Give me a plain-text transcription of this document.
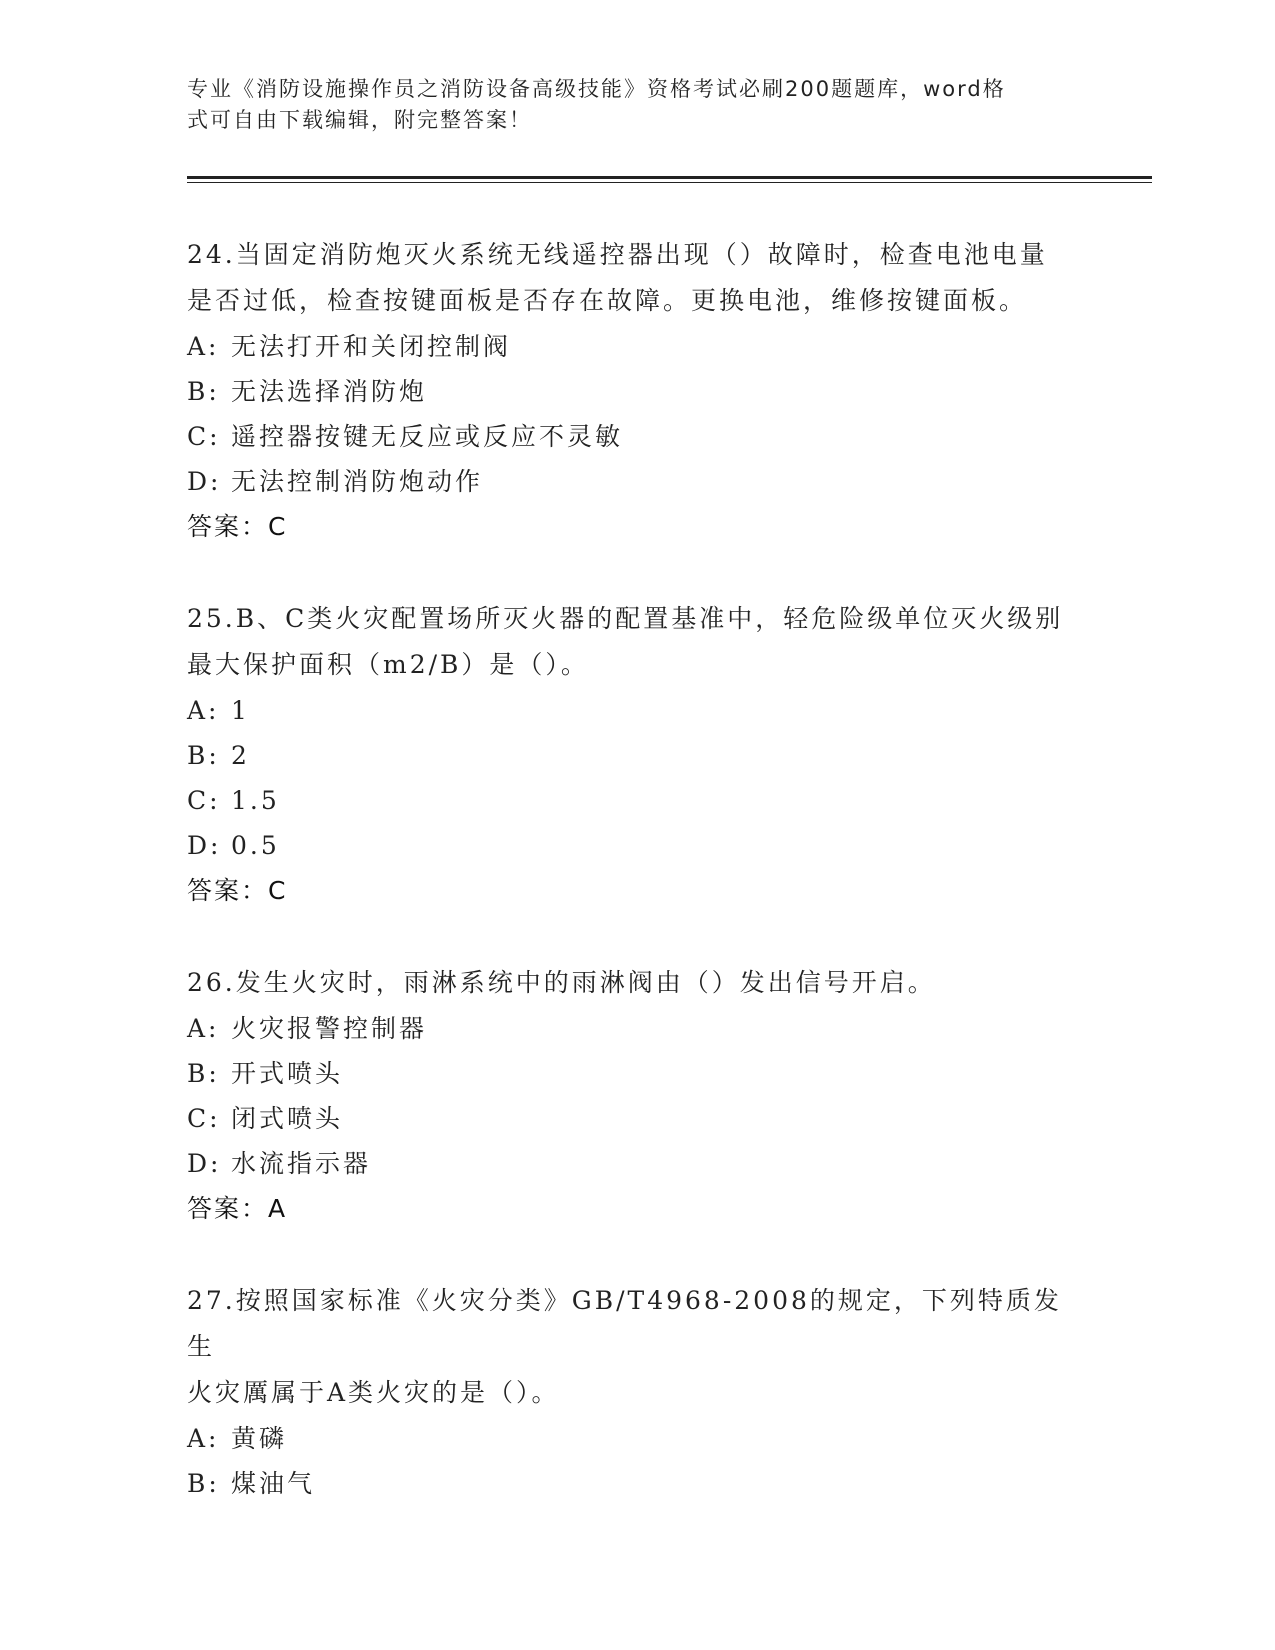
专业《消防设施操作员之消防设备高级技能》资格考试必刷200题题库，word格
式可自由下载编辑，附完整答案！
24.当固定消防炮灭火系统无线遥控器出现（）故障时，检查电池电量
是否过低，检查按键面板是否存在故障。更换电池，维修按键面板。
A: 无法打开和关闭控制阀
B: 无法选择消防炮
C: 遥控器按键无反应或反应不灵敏
D: 无法控制消防炮动作
答案：C
25.B、C类火灾配置场所灭火器的配置基准中，轻危险级单位灭火级别
最大保护面积（m2/B）是（）。
A: 1
B: 2
C: 1.5
D: 0.5
答案：C
26.发生火灾时，雨淋系统中的雨淋阀由（）发出信号开启。
A: 火灾报警控制器
B: 开式喷头
C: 闭式喷头
D: 水流指示器
答案：A
27.按照国家标准《火灾分类》GB/T4968-2008的规定，下列特质发生
火灾厲属于A类火灾的是（）。
A: 黄磷
B: 煤油气
